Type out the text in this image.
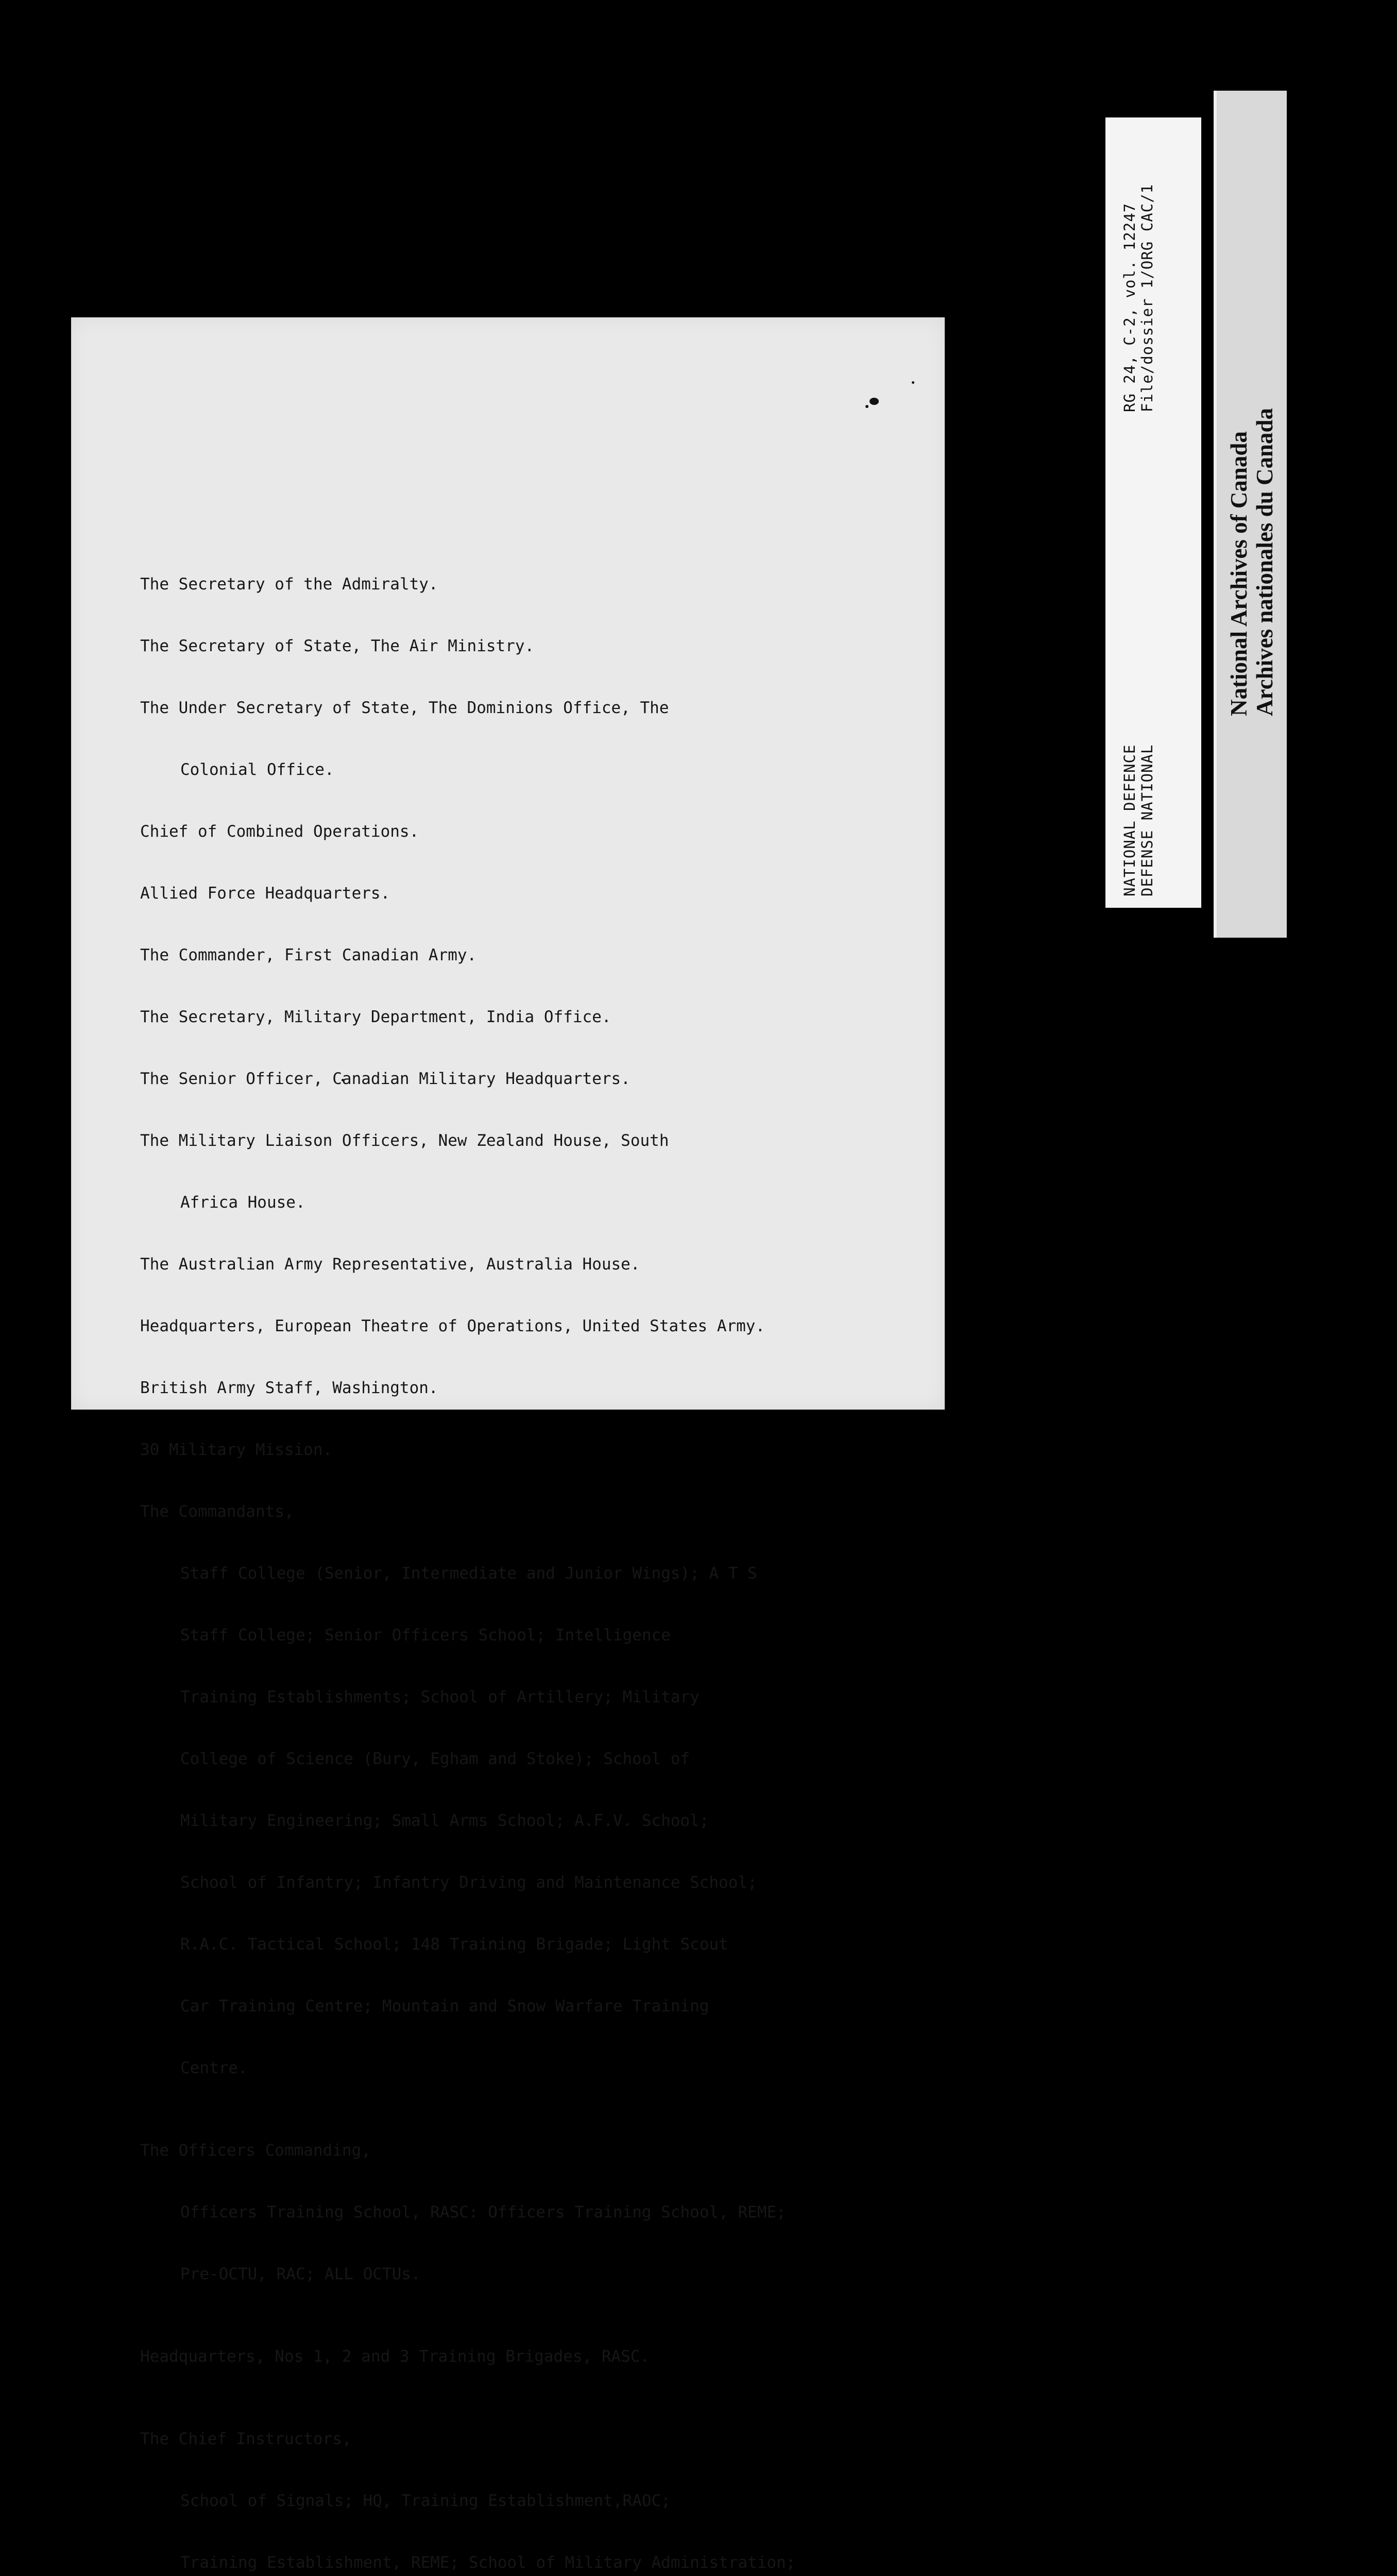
The Secretary of the Admiralty.

The Secretary of State, The Air Ministry.

The Under Secretary of State, The Dominions Office, The

Colonial Office.

Chief of Combined Operations.

Allied Force Headquarters.

The Commander, First Canadian Army.

The Secretary, Military Department, India Office.

The Senior Officer, Canadian Military Headquarters.

The Military Liaison Officers, New Zealand House, South

Africa House.

The Australian Army Representative, Australia House.

Headquarters, European Theatre of Operations, United States Army.

British Army Staff, Washington.

30 Military Mission.

The Commandants,

Staff College (Senior, Intermediate and Junior Wings); A T S

Staff College; Senior Officers School; Intelligence

Training Establishments; School of Artillery; Military

College of Science (Bury, Egham and Stoke); School of

Military Engineering; Small Arms School; A.F.V. School;

School of Infantry; Infantry Driving and Maintenance School;

R.A.C. Tactical School; 148 Training Brigade; Light Scout

Car Training Centre; Mountain and Snow Warfare Training

Centre.

The Officers Commanding,

Officers Training School, RASC: Officers Training School, REME;

Pre-OCTU, RAC; ALL OCTUs.

Headquarters, Nos 1, 2 and 3 Training Brigades, RASC.

The Chief Instructors,

School of Signals; HQ, Training Establishment,RAOC;

Training Establishment, REME; School of Military Administration;

RG 24, C-2, vol. 12247 File/dossier 1/ORG CAC/1
NATIONAL DEFENCE DEFENSE NATIONAL
National Archives of Canada Archives nationales du Canada
